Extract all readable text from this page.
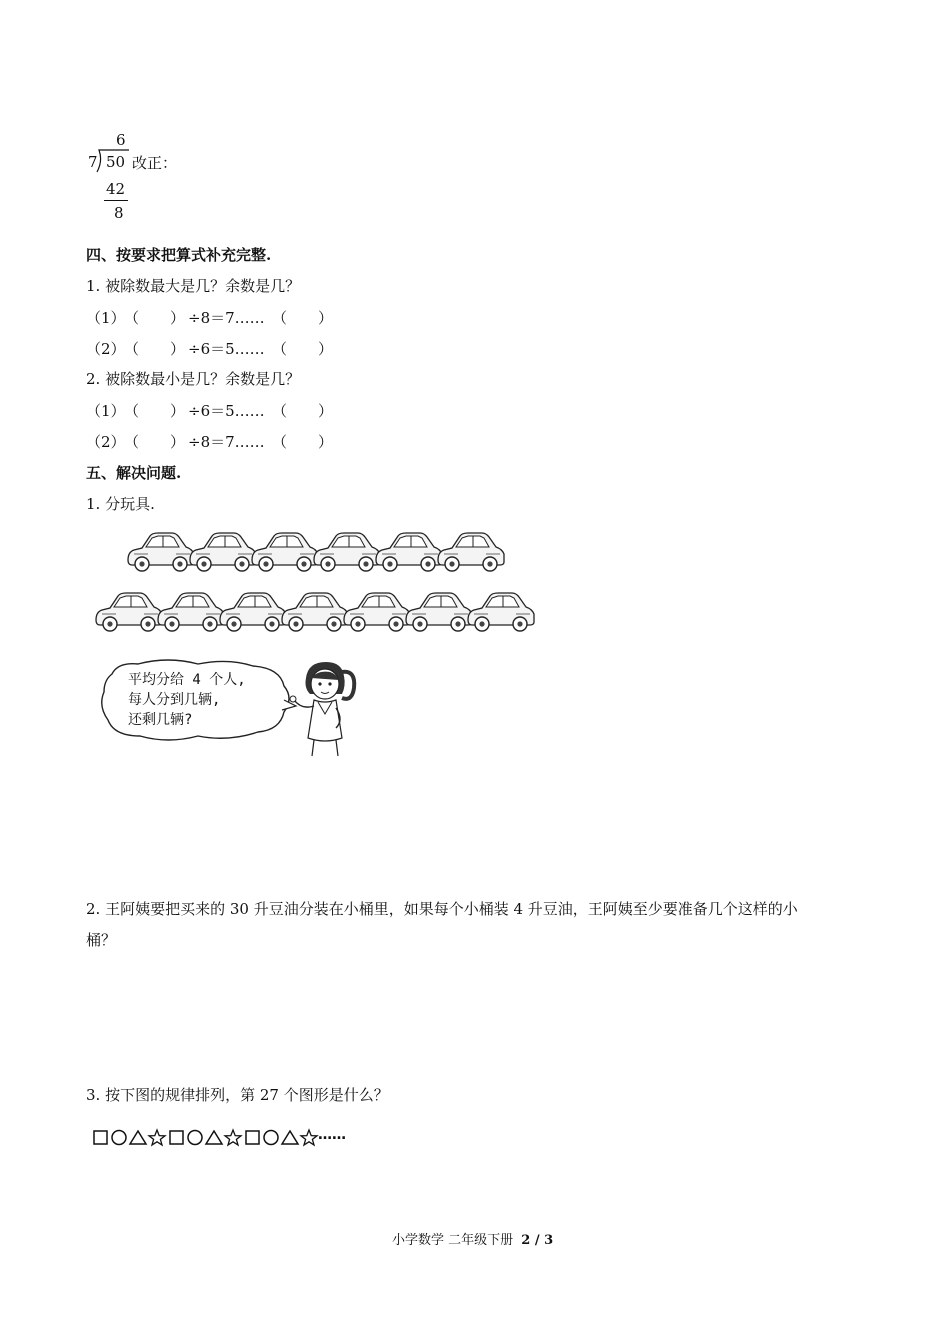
6
7 50
42
8
改正：
四、按要求把算式补充完整.
1. 被除数最大是几？余数是几？
（1）
（ ） ÷8＝7…… （ ）
（2）
（ ） ÷6＝5…… （ ）
2. 被除数最小是几？余数是几？
（1）
（ ） ÷6＝5…… （ ）
（2）
（ ） ÷8＝7…… （ ）
五、解决问题.
1. 分玩具.
平均分给 4 个人,
每人分到几辆,
还剩几辆?
2. 王阿姨要把买来的 30 升豆油分装在小桶里，如果每个小桶装 4 升豆油，王阿姨至少要准备几个这样的小
桶？
3. 按下图的规律排列，第 27 个图形是什么？
……
小学数学 二年级下册 2 / 3
